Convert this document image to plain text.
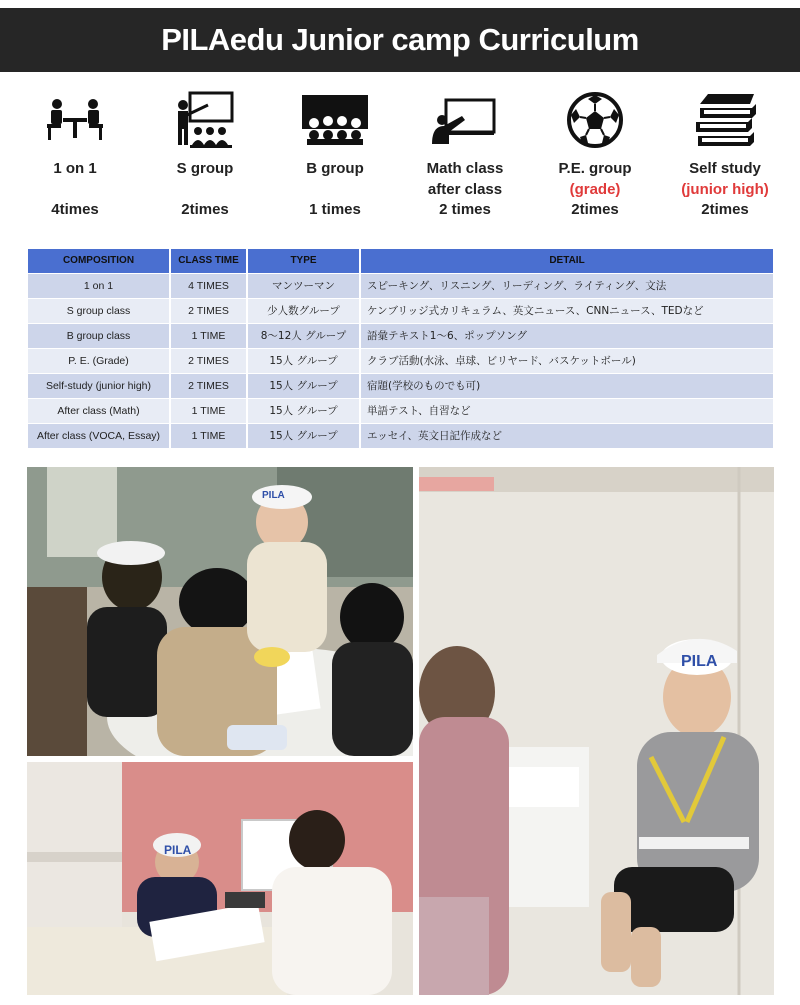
PILAedu Junior camp Curriculum
1 on 1
4times
S group
2times
B group
1 times
Math class
after class
2 times
P.E. group
(grade)
2times
Self study
(junior high)
2times
COMPOSITION	CLASS TIME	TYPE	DETAIL
1 on 1	4 TIMES	マンツーマン	スピーキング、リスニング、リーディング、ライティング、文法
S group class	2 TIMES	少人数グループ	ケンブリッジ式カリキュラム、英文ニュース、CNNニュース、TEDなど
B group class	1 TIME	8～12人 グループ	語彙テキスト1～6、ポップソング
P. E. (Grade)	2 TIMES	15人 グループ	クラブ活動(水泳、卓球、ビリヤード、バスケットボール)
Self-study (junior high)	2 TIMES	15人 グループ	宿題(学校のものでも可)
After class (Math)	1 TIME	15人 グループ	単語テスト、自習など
After class (VOCA, Essay)	1 TIME	15人 グループ	エッセイ、英文日記作成など
PILA
PILA
PILA
